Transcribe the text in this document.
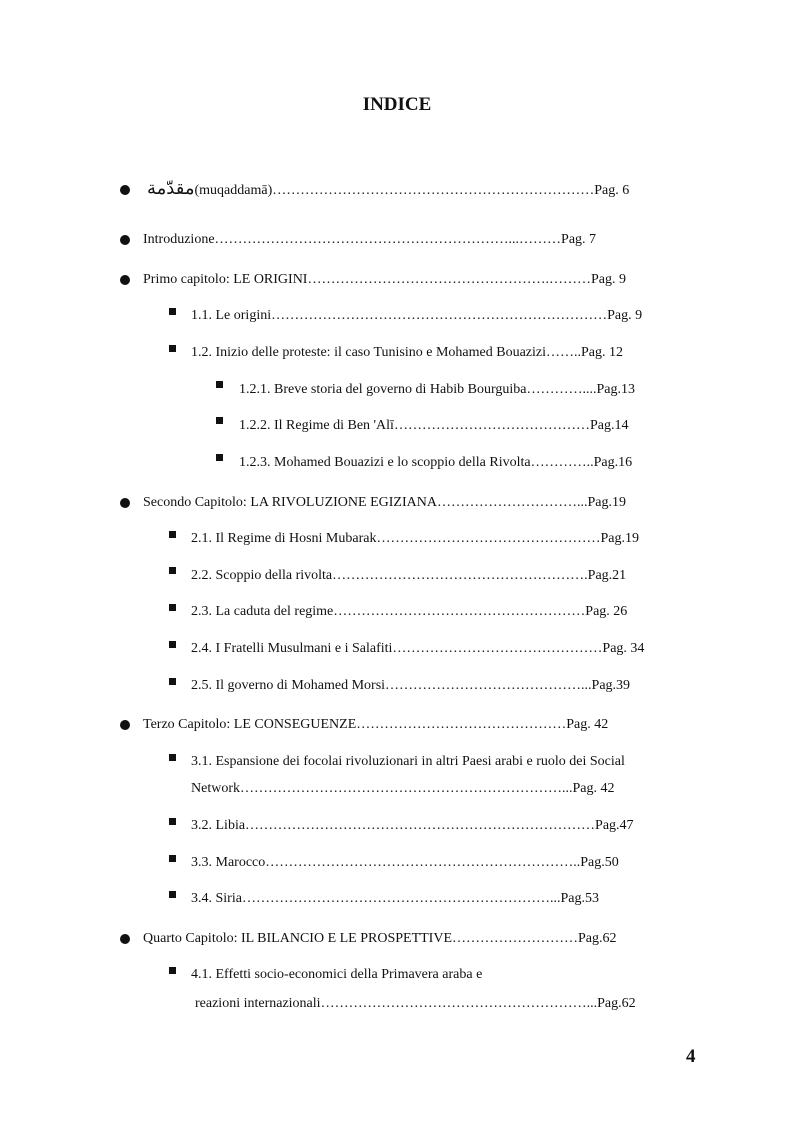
INDICE
مقدّمة(muqaddamā)……………………………………………………………Pag. 6
Introduzione………………………………………………………...………Pag. 7
Primo capitolo: LE ORIGINI…………………………………………….………Pag. 9
1.1. Le origini………………………………………………………………Pag. 9
1.2. Inizio delle proteste: il caso Tunisino e Mohamed Bouazizi……..Pag. 12
1.2.1. Breve storia del governo di Habib Bourguiba…………....Pag.13
1.2.2. Il Regime di Ben 'Alī……………………………………Pag.14
1.2.3. Mohamed Bouazizi e lo scoppio della Rivolta…………..Pag.16
Secondo Capitolo: LA RIVOLUZIONE EGIZIANA…………………………...Pag.19
2.1. Il Regime di Hosni Mubarak…………………………………………Pag.19
2.2. Scoppio della rivolta……………………………………………….Pag.21
2.3. La caduta del regime………………………………………………Pag. 26
2.4. I Fratelli Musulmani e i Salafiti………………………………………Pag. 34
2.5. Il governo di Mohamed Morsi……………………………………...Pag.39
Terzo Capitolo: LE CONSEGUENZE………………………………………Pag. 42
3.1. Espansione dei focolai rivoluzionari in altri Paesi arabi e ruolo dei Social
Network……………………………………………………………...Pag. 42
3.2. Libia…………………………………………………………………Pag.47
3.3. Marocco…………………………………………………………..Pag.50
3.4. Siria…………………………………………………………...Pag.53
Quarto Capitolo: IL BILANCIO E LE PROSPETTIVE………………………Pag.62
4.1. Effetti socio-economici della Primavera araba e
reazioni internazionali…………………………………………………...Pag.62
4
